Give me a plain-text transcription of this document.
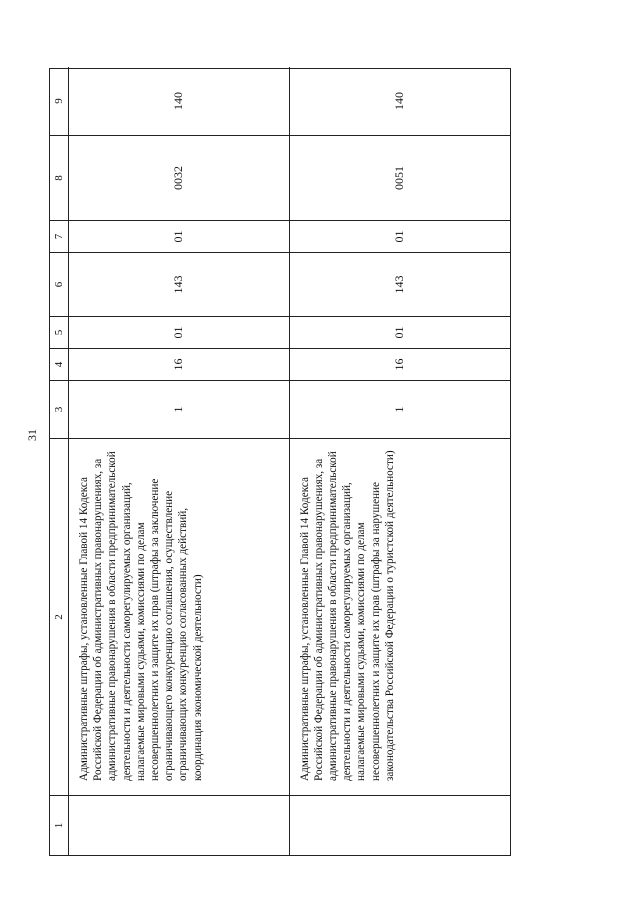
31
1
2
3
4
5
6
7
8
9
Административные штрафы, установленные Главой 14 Кодекса Российской Федерации об административных правонарушениях, за административные правонарушения в области предпринимательской деятельности и деятельности саморегулируемых организаций, налагаемые мировыми судьями, комиссиями по делам несовершеннолетних и защите их прав (штрафы за заключение ограничивающего конкуренцию соглашения, осуществление ограничивающих конкуренцию согласованных действий, координация экономической деятельности)
1
16
01
143
01
0032
140
Административные штрафы, установленные Главой 14 Кодекса Российской Федерации об административных правонарушениях, за административные правонарушения в области предпринимательской деятельности и деятельности саморегулируемых организаций, налагаемые мировыми судьями, комиссиями по делам несовершеннолетних и защите их прав (штрафы за нарушение законодательства Российской Федерации о туристской деятельности)
1
16
01
143
01
0051
140
